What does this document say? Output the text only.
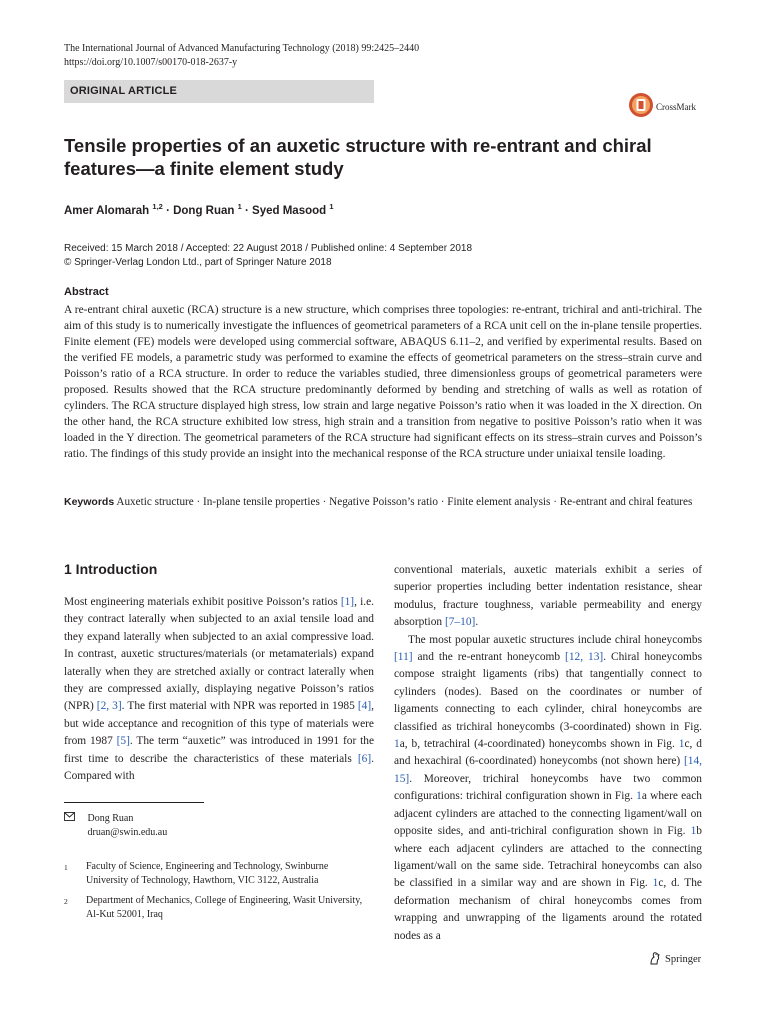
The International Journal of Advanced Manufacturing Technology (2018) 99:2425–2440
https://doi.org/10.1007/s00170-018-2637-y
ORIGINAL ARTICLE
CrossMark
Tensile properties of an auxetic structure with re-entrant and chiral features—a finite element study
Amer Alomarah $^{1,2}$ · Dong Ruan $^1$ · Syed Masood $^1$
Received: 15 March 2018 / Accepted: 22 August 2018 / Published online: 4 September 2018
© Springer-Verlag London Ltd., part of Springer Nature 2018
Abstract
A re-entrant chiral auxetic (RCA) structure is a new structure, which comprises three topologies: re-entrant, trichiral and anti-trichiral. The aim of this study is to numerically investigate the influences of geometrical parameters of a RCA unit cell on the in-plane tensile properties. Finite element (FE) models were developed using commercial software, ABAQUS 6.11–2, and verified by experimental results. Based on the verified FE models, a parametric study was performed to examine the effects of geometrical parameters on the stress–strain curve and Poisson’s ratio of a RCA structure. In order to reduce the variables studied, three dimensionless groups of geometrical parameters were proposed. Results showed that the RCA structure predominantly deformed by bending and stretching of walls as well as rotation of cylinders. The RCA structure displayed high stress, low strain and large negative Poisson’s ratio when it was loaded in the X direction. On the other hand, the RCA structure exhibited low stress, high strain and a transition from negative to positive Poisson’s ratio when it was loaded in the Y direction. The geometrical parameters of the RCA structure had significant effects on its stress–strain curves and Poisson’s ratio. The findings of this study provide an insight into the mechanical response of the RCA structure under uniaixal tensile loading.
Keywords Auxetic structure · In-plane tensile properties · Negative Poisson’s ratio · Finite element analysis · Re-entrant and chiral features
1 Introduction
Most engineering materials exhibit positive Poisson’s ratios [1], i.e. they contract laterally when subjected to an axial tensile load and they expand laterally when subjected to an axial compressive load. In contrast, auxetic structures/materials (or metamaterials) expand laterally when they are stretched axially or contract laterally when they are compressed axially, displaying negative Poisson’s ratios (NPR) [2, 3]. The first material with NPR was reported in 1985 [4], but wide acceptance and recognition of this type of materials were from 1987 [5]. The term “auxetic” was introduced in 1991 for the first time to describe the characteristics of these materials [6]. Compared with
conventional materials, auxetic materials exhibit a series of superior properties including better indentation resistance, shear modulus, fracture toughness, variable permeability and energy absorption [7–10].
The most popular auxetic structures include chiral honeycombs [11] and the re-entrant honeycomb [12, 13]. Chiral honeycombs compose straight ligaments (ribs) that tangentially connect to cylinders (nodes). Based on the coordinates or number of ligaments connecting to each cylinder, chiral honeycombs are classified as trichiral honeycombs (3-coordinated) shown in Fig. 1a, b, tetrachiral (4-coordinated) honeycombs shown in Fig. 1c, d and hexachiral (6-coordinated) honeycombs (not shown here) [14, 15]. Moreover, trichiral honeycombs have two common configurations: trichiral configuration shown in Fig. 1a where each adjacent cylinders are attached to the connecting ligament/wall on opposite sides, and anti-trichiral configuration shown in Fig. 1b where each adjacent cylinders are attached to the connecting ligament/wall on the same side. Tetrachiral honeycombs can also be classified in a similar way and are shown in Fig. 1c, d. The deformation mechanism of chiral honeycombs comes from wrapping and unwrapping of the ligaments around the rotated nodes as a

Dong Ruan
druan@swin.edu.au
1 Faculty of Science, Engineering and Technology, Swinburne University of Technology, Hawthorn, VIC 3122, Australia
2 Department of Mechanics, College of Engineering, Wasit University, Al-Kut 52001, Iraq
Springer
